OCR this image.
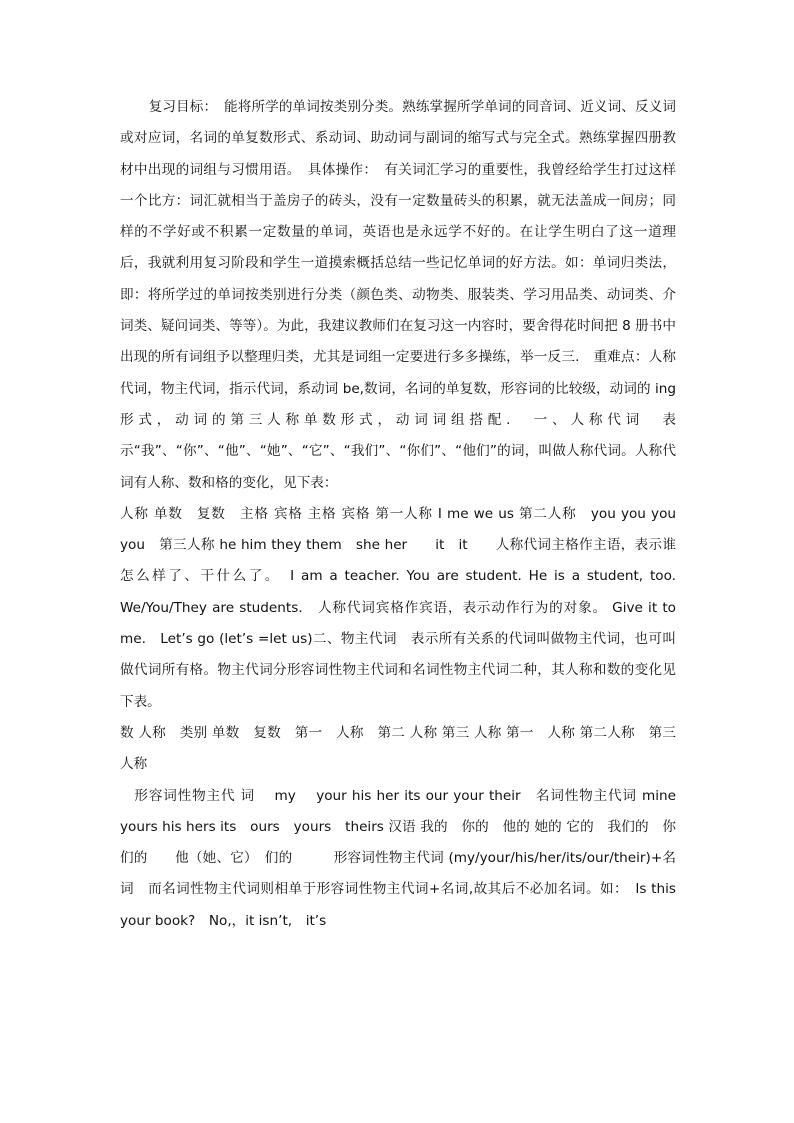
　复习目标：　能将所学的单词按类别分类。熟练掌握所学单词的同音词、近义词、反义词或对应词，名词的单复数形式、系动词、助动词与副词的缩写式与完全式。熟练掌握四册教材中出现的词组与习惯用语。　具体操作：　有关词汇学习的重要性，我曾经给学生打过这样一个比方：词汇就相当于盖房子的砖头，没有一定数量砖头的积累，就无法盖成一间房；同样的不学好或不积累一定数量的单词，英语也是永远学不好的。在让学生明白了这一道理后，我就利用复习阶段和学生一道摸索概括总结一些记忆单词的好方法。如：单词归类法，即：将所学过的单词按类别进行分类（颜色类、动物类、服装类、学习用品类、动词类、介词类、疑问词类、等等）。为此，我建议教师们在复习这一内容时，要舍得花时间把 8 册书中出现的所有词组予以整理归类，尤其是词组一定要进行多多操练，举一反三.　重难点：人称代词，物主代词，指示代词，系动词 be,数词，名词的单复数，形容词的比较级，动词的 ing 形式，动词的第三人称单数形式，动词词组搭配.　一、人称代词　表示“我”、“你”、“他”、“她”、“它”、“我们”、“你们”、“他们”的词，叫做人称代词。人称代词有人称、数和格的变化，见下表：

人称 单数　复数　主格 宾格 主格 宾格 第一人称 I me we us 第二人称　you you you　you　第三人称 he him they them　she her　　it　it　　人称代词主格作主语，表示谁怎么样了、干什么了。　I am a teacher. You are student. He is a student, too. We/You/They are students.　人称代词宾格作宾语，表示动作行为的对象。 Give it to me.　Let’s go (let’s =let us)二、物主代词　表示所有关系的代词叫做物主代词，也可叫做代词所有格。物主代词分形容词性物主代词和名词性物主代词二种，其人称和数的变化见下表。

数 人称　类别 单数　复数　第一　人称　第二 人称 第三 人称 第一　人称 第二人称　第三　人称

　形容词性物主代 词　 my　 your his her its our your their　名词性物主代词 mine　yours his hers its　ours　yours　theirs 汉语 我的　你的　他的 她的 它的　我们的　你们的　　他（她、它）　们的　　　形容词性物主代词 (my/your/his/her/its/our/their)+名词　而名词性物主代词则相单于形容词性物主代词+名词,故其后不必加名词。如：　Is this your book?　No,，it isn’t,　it’s
